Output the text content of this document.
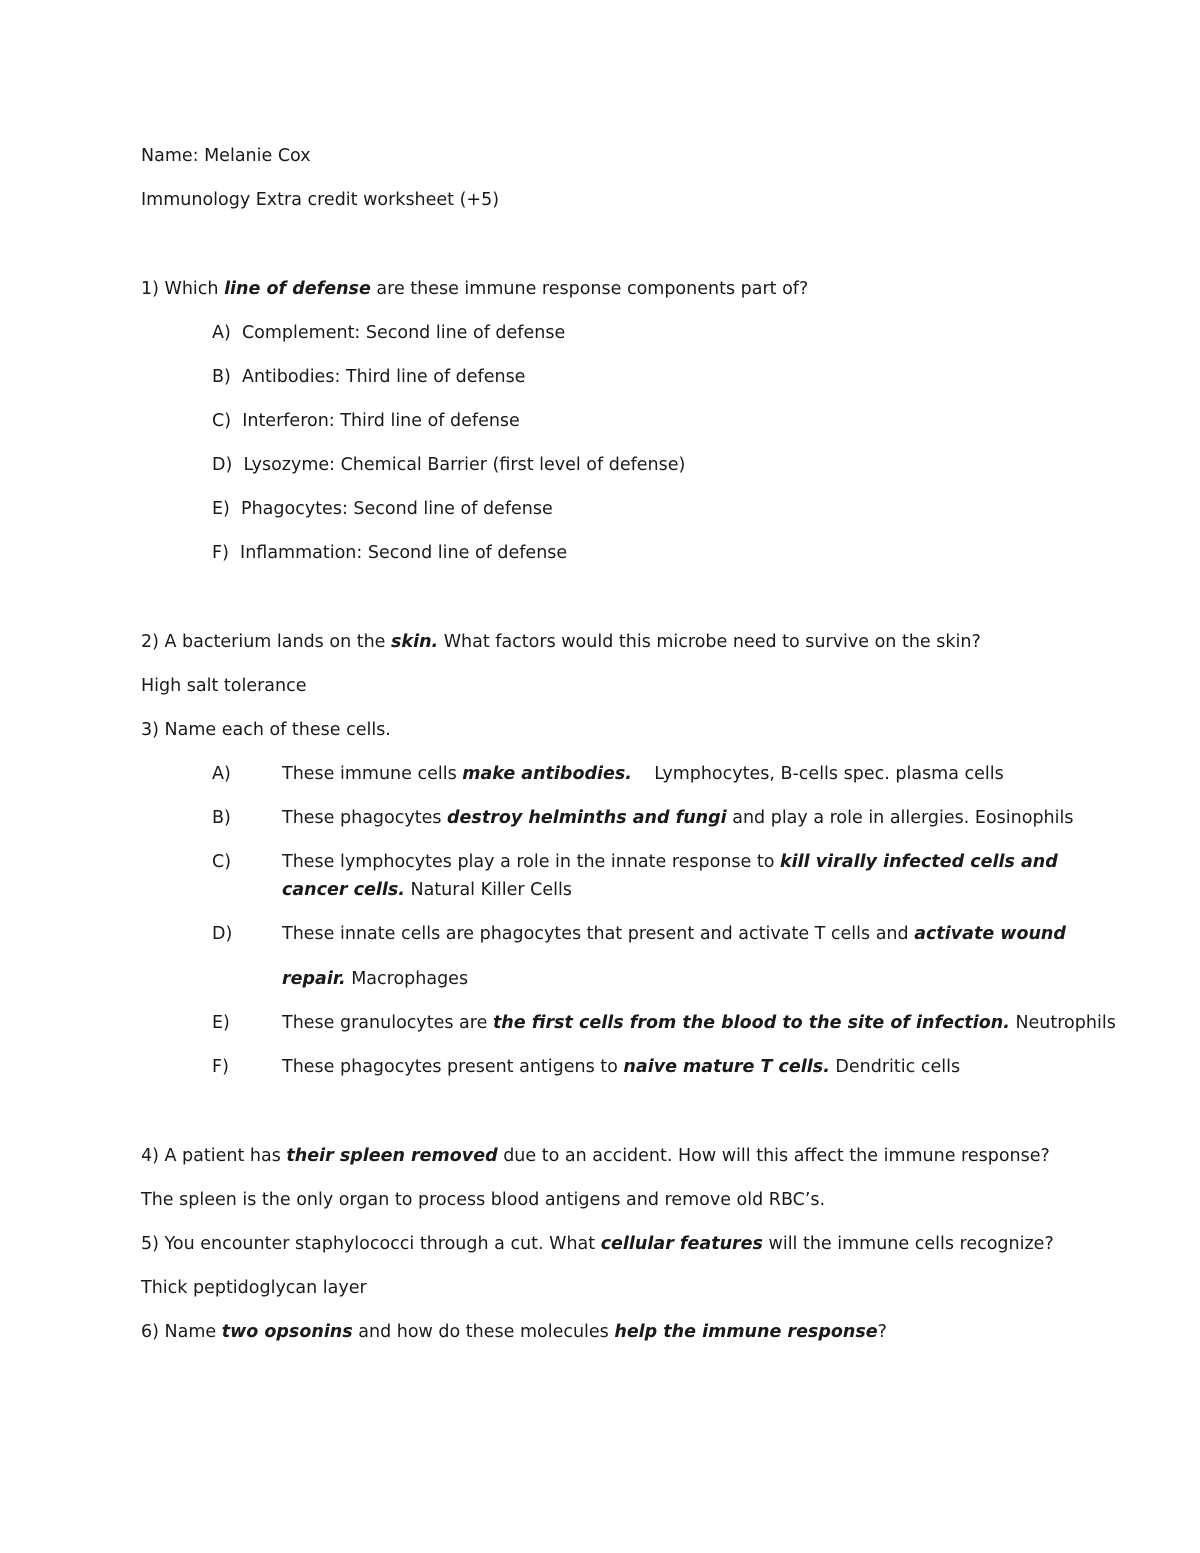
Name: Melanie Cox
Immunology Extra credit worksheet (+5)
1) Which line of defense are these immune response components part of?
A) Complement: Second line of defense
B) Antibodies: Third line of defense
C) Interferon: Third line of defense
D) Lysozyme: Chemical Barrier (first level of defense)
E) Phagocytes: Second line of defense
F) Inflammation: Second line of defense
2) A bacterium lands on the skin. What factors would this microbe need to survive on the skin?
High salt tolerance
3) Name each of these cells.
A)	These immune cells make antibodies.    Lymphocytes, B-cells spec. plasma cells
B)	These phagocytes destroy helminths and fungi and play a role in allergies. Eosinophils
C)	These lymphocytes play a role in the innate response to kill virally infected cells and
cancer cells. Natural Killer Cells
D)	These innate cells are phagocytes that present and activate T cells and activate wound
repair. Macrophages
E)	These granulocytes are the first cells from the blood to the site of infection. Neutrophils
F)	These phagocytes present antigens to naive mature T cells. Dendritic cells
4) A patient has their spleen removed due to an accident. How will this affect the immune response?
The spleen is the only organ to process blood antigens and remove old RBC’s.
5) You encounter staphylococci through a cut. What cellular features will the immune cells recognize?
Thick peptidoglycan layer
6) Name two opsonins and how do these molecules help the immune response?
